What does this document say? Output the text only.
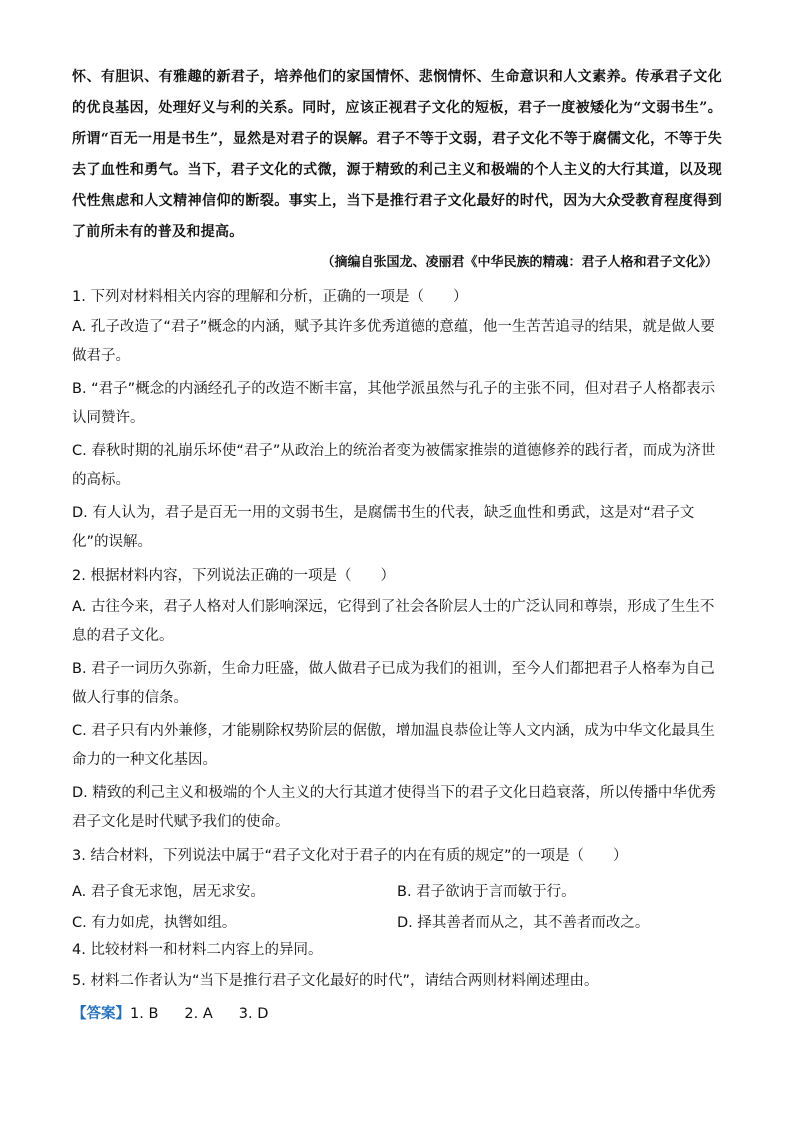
怀、有胆识、有雅趣的新君子，培养他们的家国情怀、悲悯情怀、生命意识和人文素养。传承君子文化的优良基因，处理好义与利的关系。同时，应该正视君子文化的短板，君子一度被矮化为“文弱书生”。所谓“百无一用是书生”，显然是对君子的误解。君子不等于文弱，君子文化不等于腐儒文化，不等于失去了血性和勇气。当下，君子文化的式微，源于精致的利己主义和极端的个人主义的大行其道，以及现代性焦虑和人文精神信仰的断裂。事实上，当下是推行君子文化最好的时代，因为大众受教育程度得到了前所未有的普及和提高。
（摘编自张国龙、凌丽君《中华民族的精魂：君子人格和君子文化》）
1. 下列对材料相关内容的理解和分析，正确的一项是（　　）
A. 孔子改造了“君子”概念的内涵，赋予其许多优秀道德的意蕴，他一生苦苦追寻的结果，就是做人要做君子。
B. “君子”概念的内涵经孔子的改造不断丰富，其他学派虽然与孔子的主张不同，但对君子人格都表示认同赞许。
C. 春秋时期的礼崩乐坏使“君子”从政治上的统治者变为被儒家推崇的道德修养的践行者，而成为济世的高标。
D. 有人认为，君子是百无一用的文弱书生，是腐儒书生的代表，缺乏血性和勇武，这是对“君子文化”的误解。
2. 根据材料内容，下列说法正确的一项是（　　）
A. 古往今来，君子人格对人们影响深远，它得到了社会各阶层人士的广泛认同和尊崇，形成了生生不息的君子文化。
B. 君子一词历久弥新，生命力旺盛，做人做君子已成为我们的祖训，至今人们都把君子人格奉为自己做人行事的信条。
C. 君子只有内外兼修，才能剔除权势阶层的倨傲，增加温良恭俭让等人文内涵，成为中华文化最具生命力的一种文化基因。
D. 精致的利己主义和极端的个人主义的大行其道才使得当下的君子文化日趋衰落，所以传播中华优秀君子文化是时代赋予我们的使命。
3. 结合材料，下列说法中属于“君子文化对于君子的内在有质的规定”的一项是（　　）
A. 君子食无求饱，居无求安。	B. 君子欲讷于言而敏于行。
C. 有力如虎，执辔如组。	D. 择其善者而从之，其不善者而改之。
4. 比较材料一和材料二内容上的异同。
5. 材料二作者认为“当下是推行君子文化最好的时代”，请结合两则材料阐述理由。
【答案】1. B 2. A 3. D
